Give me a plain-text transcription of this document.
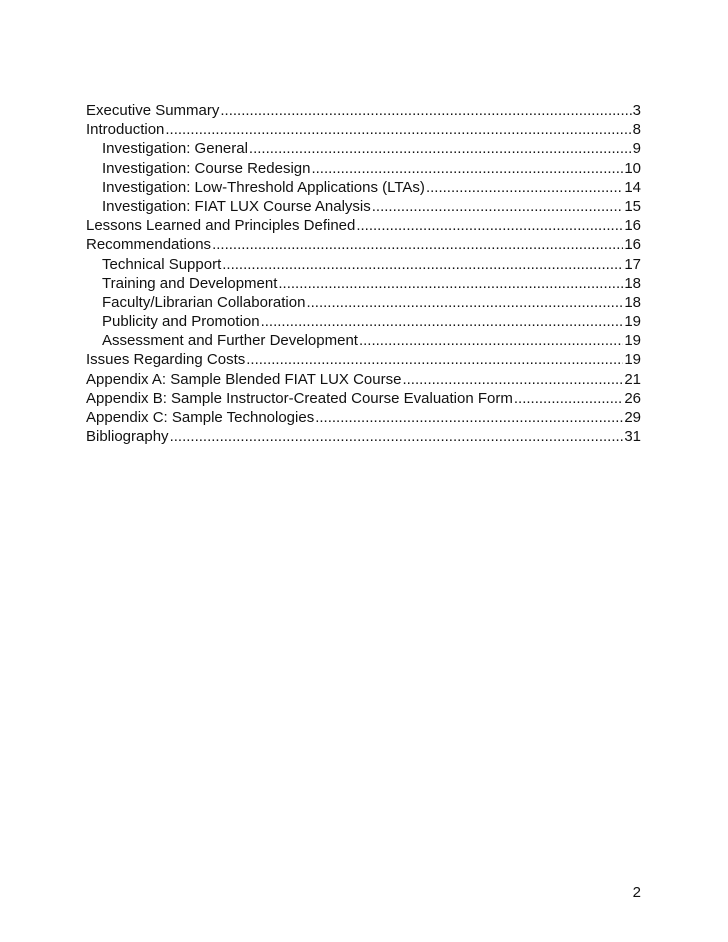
Executive Summary .....	3
Introduction .....	8
Investigation: General .....	9
Investigation: Course Redesign .....	10
Investigation: Low-Threshold Applications (LTAs) .....	14
Investigation: FIAT LUX Course Analysis .....	15
Lessons Learned and Principles Defined .....	16
Recommendations .....	16
Technical Support .....	17
Training and Development .....	18
Faculty/Librarian Collaboration .....	18
Publicity and Promotion .....	19
Assessment and Further Development .....	19
Issues Regarding Costs .....	19
Appendix A: Sample Blended FIAT LUX Course .....	21
Appendix B: Sample Instructor-Created Course Evaluation Form .....	26
Appendix C: Sample Technologies .....	29
Bibliography .....	31
2
